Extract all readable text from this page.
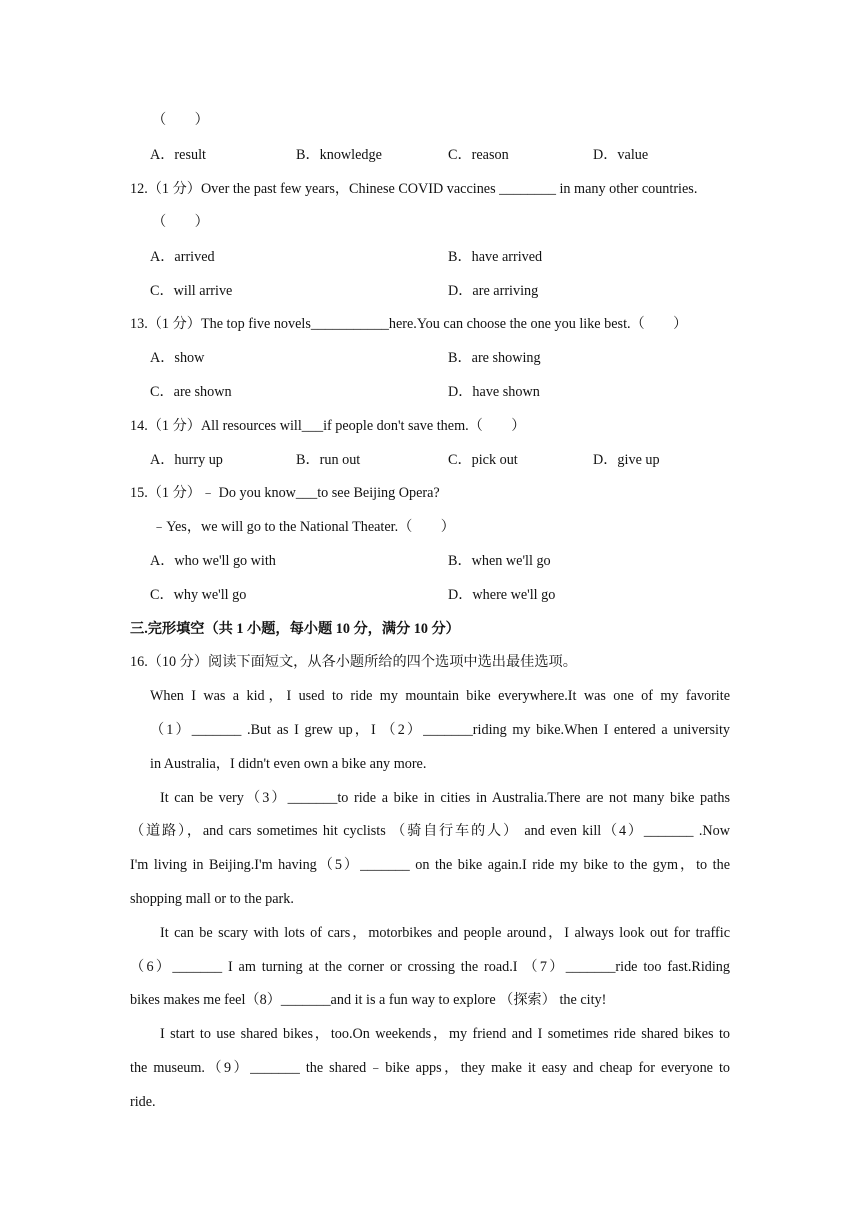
（　　）
A．result	B．knowledge	C．reason	D．value
12.（1 分）Over the past few years，Chinese COVID vaccines ________ in many other countries.
（　　）
A．arrived	B．have arrived
C．will arrive	D．are arriving
13.（1 分）The top five novels___________here.You can choose the one you like best.（　　）
A．show	B．are showing
C．are shown	D．have shown
14.（1 分）All resources will___if people don't save them.（　　）
A．hurry up	B．run out	C．pick out	D．give up
15.（1 分）﹣ Do you know___to see Beijing Opera?
﹣Yes，we will go to the National Theater.（　　）
A．who we'll go with	B．when we'll go
C．why we'll go	D．where we'll go
三.完形填空（共 1 小题，每小题 10 分，满分 10 分）
16.（10 分）阅读下面短文，从各小题所给的四个选项中选出最佳选项。
When I was a kid，I used to ride my mountain bike everywhere.It was one of my favorite
（1）_______ .But as I grew up，I （2）_______riding my bike.When I entered a university
in Australia，I didn't even own a bike any more.
It can be very（3）_______to ride a bike in cities in Australia.There are not many bike paths
（道路），and cars sometimes hit cyclists （骑自行车的人） and even kill（4）_______ .Now
I'm living in Beijing.I'm having（5）_______ on the bike again.I ride my bike to the gym，to the
shopping mall or to the park.
It can be scary with lots of cars，motorbikes and people around，I always look out for traffic
（6）_______ I am turning at the corner or crossing the road.I （7）_______ride too fast.Riding
bikes makes me feel（8）_______and it is a fun way to explore （探索） the city!
I start to use shared bikes，too.On weekends，my friend and I sometimes ride shared bikes to
the museum.（9）_______ the shared﹣bike apps，they make it easy and cheap for everyone to
ride.
